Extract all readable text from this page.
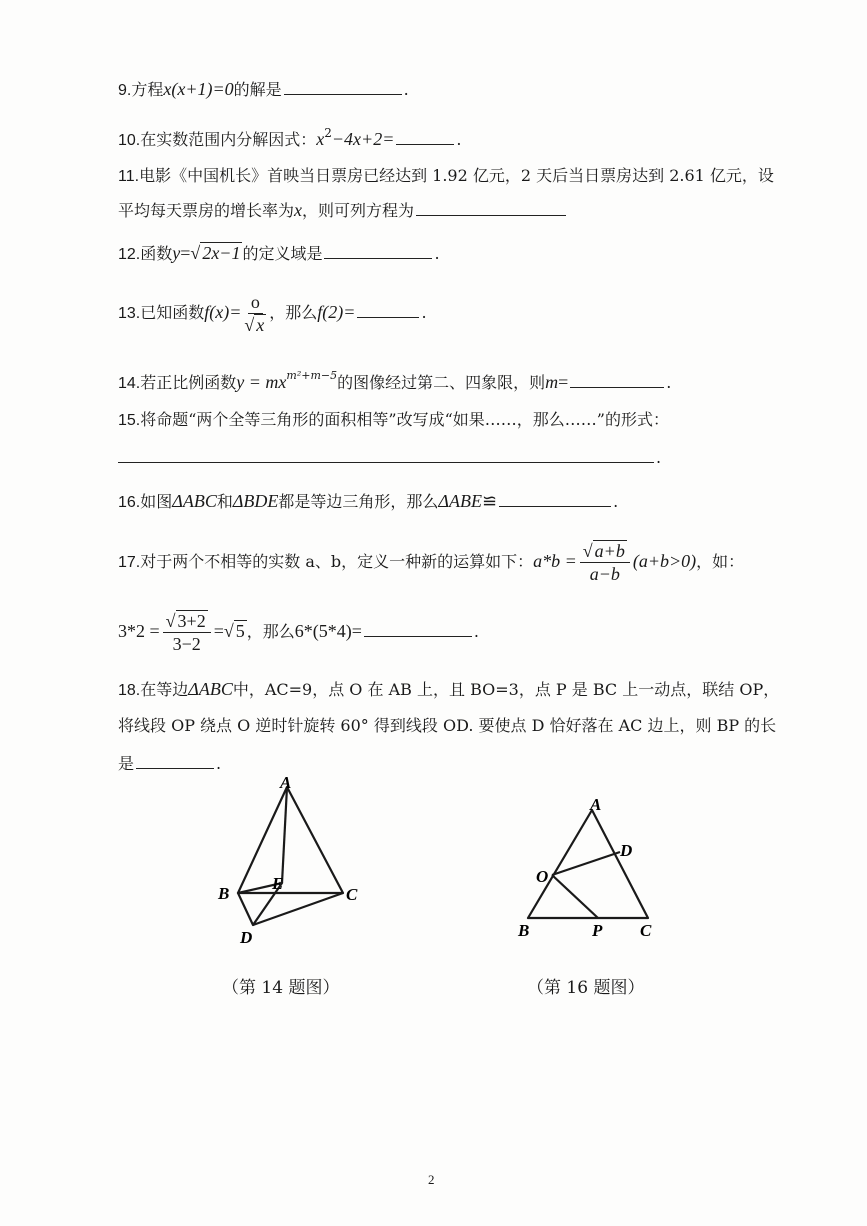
9.方程x(x+1)=0的解是	.
10.在实数范围内分解因式：$x^2-4x+2=$	.
11.电影《中国机长》首映当日票房已经达到 1.92 亿元，2 天后当日票房达到 2.61 亿元，设
平均每天票房的增长率为x，则可列方程为
12.函数y=√ 2x−1 的定义域是	.
13.已知函数$f(x)= \frac{o}{√ x}$ ，那么f(2)=	.
14.若正比例函数$y = mx^{m^2+m-5}$的图像经过第二、四象限，则m=	.
15.将命题“两个全等三角形的面积相等”改写成“如果……，那么……”的形式：
.
16.如图ΔABC和ΔBDE都是等边三角形，那么ΔABE≌	.
17.对于两个不相等的实数 a、b，定义一种新的运算如下：$a*b = \frac{√ a+b}{a-b} (a+b>0)$，如：
$3*2 = \frac{√ 3+2}{3-2}$ =√ 5 ，那么6*(5*4)=	.
18.在等边ΔABC中，AC=9，点 O 在 AB 上，且 BO=3，点 P 是 BC 上一动点，联结 OP，
将线段 OP 绕点 O 逆时针旋转 60° 得到线段 OD. 要使点 D 恰好落在 AC 边上，则 BP 的长
是	.
A
B
E
C
D
（第 14 题图）
A
O
D
B	P C
（第 16 题图）
2
